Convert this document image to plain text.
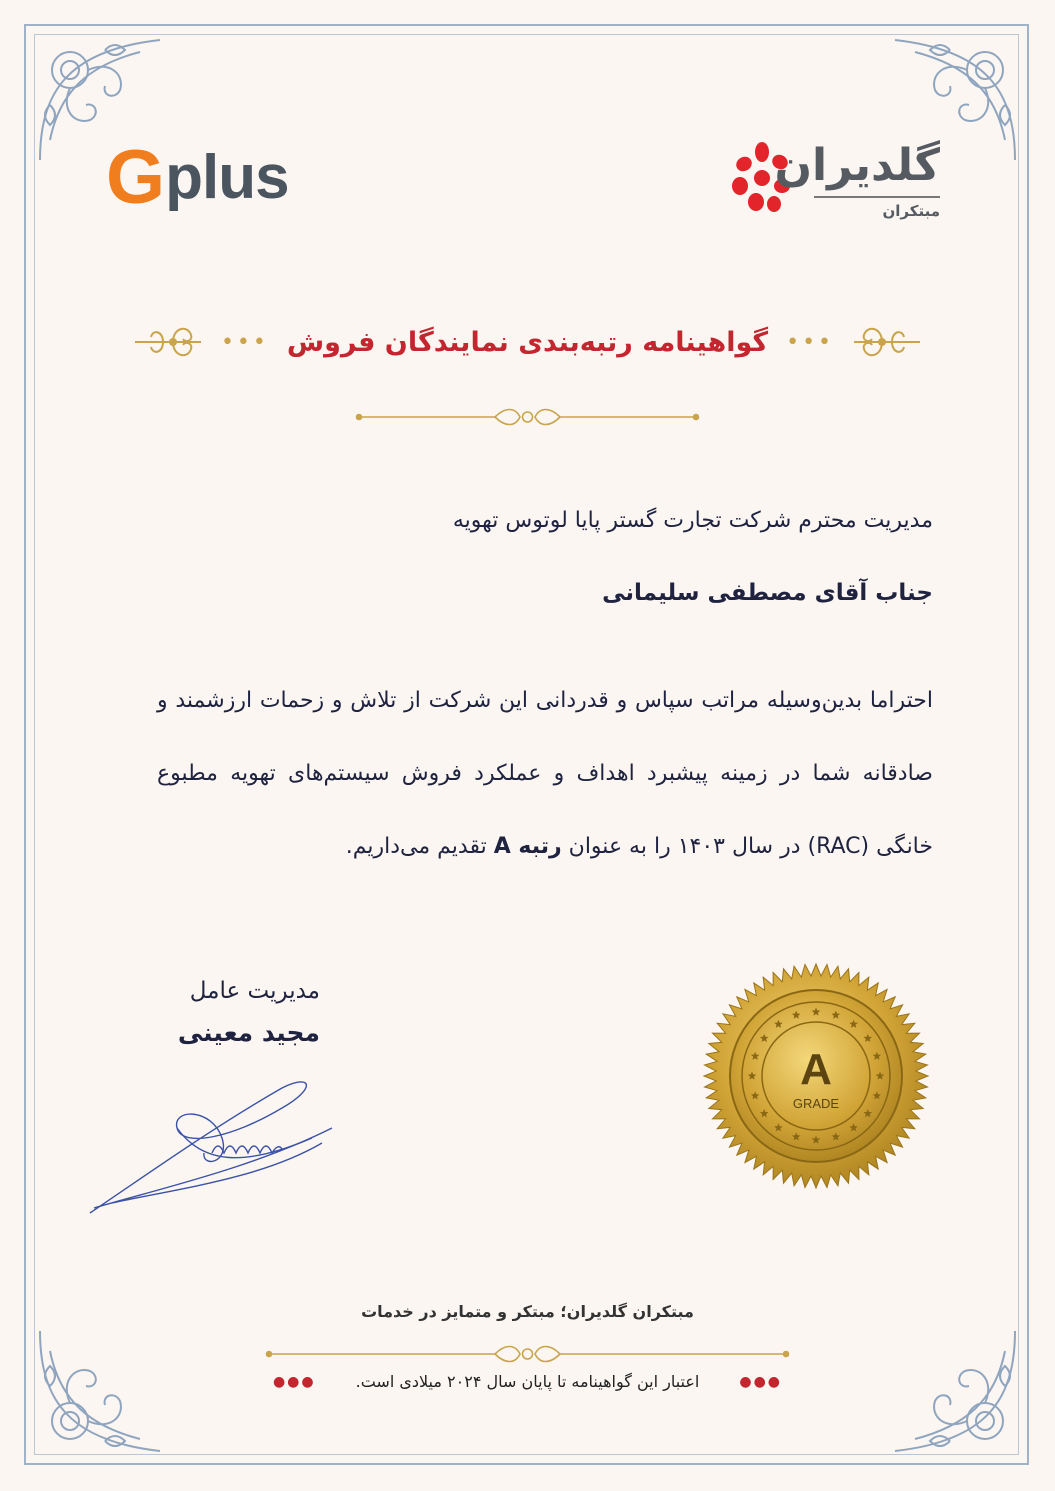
G plus	گلدیران
مبتکران
••• گواهینامه رتبه‌بندی نمایندگان فروش •••
مدیریت محترم شرکت تجارت گستر پایا لوتوس تهویه
جناب آقای مصطفی سلیمانی
احتراما بدین‌وسیله مراتب سپاس و قدردانی این شرکت از تلاش و زحمات ارزشمند و صادقانه شما در زمینه پیشبرد اهداف و عملکرد فروش سیستم‌های تهویه مطبوع خانگی (RAC) در سال ۱۴۰۳ را به عنوان رتبه A تقدیم می‌داریم.
مدیریت عامل
مجید معینی
A
GRADE
مبتکران گلدیران؛ مبتکر و متمایز در خدمات
●●●	اعتبار این گواهینامه تا پایان سال ۲۰۲۴ میلادی است.	●●●
